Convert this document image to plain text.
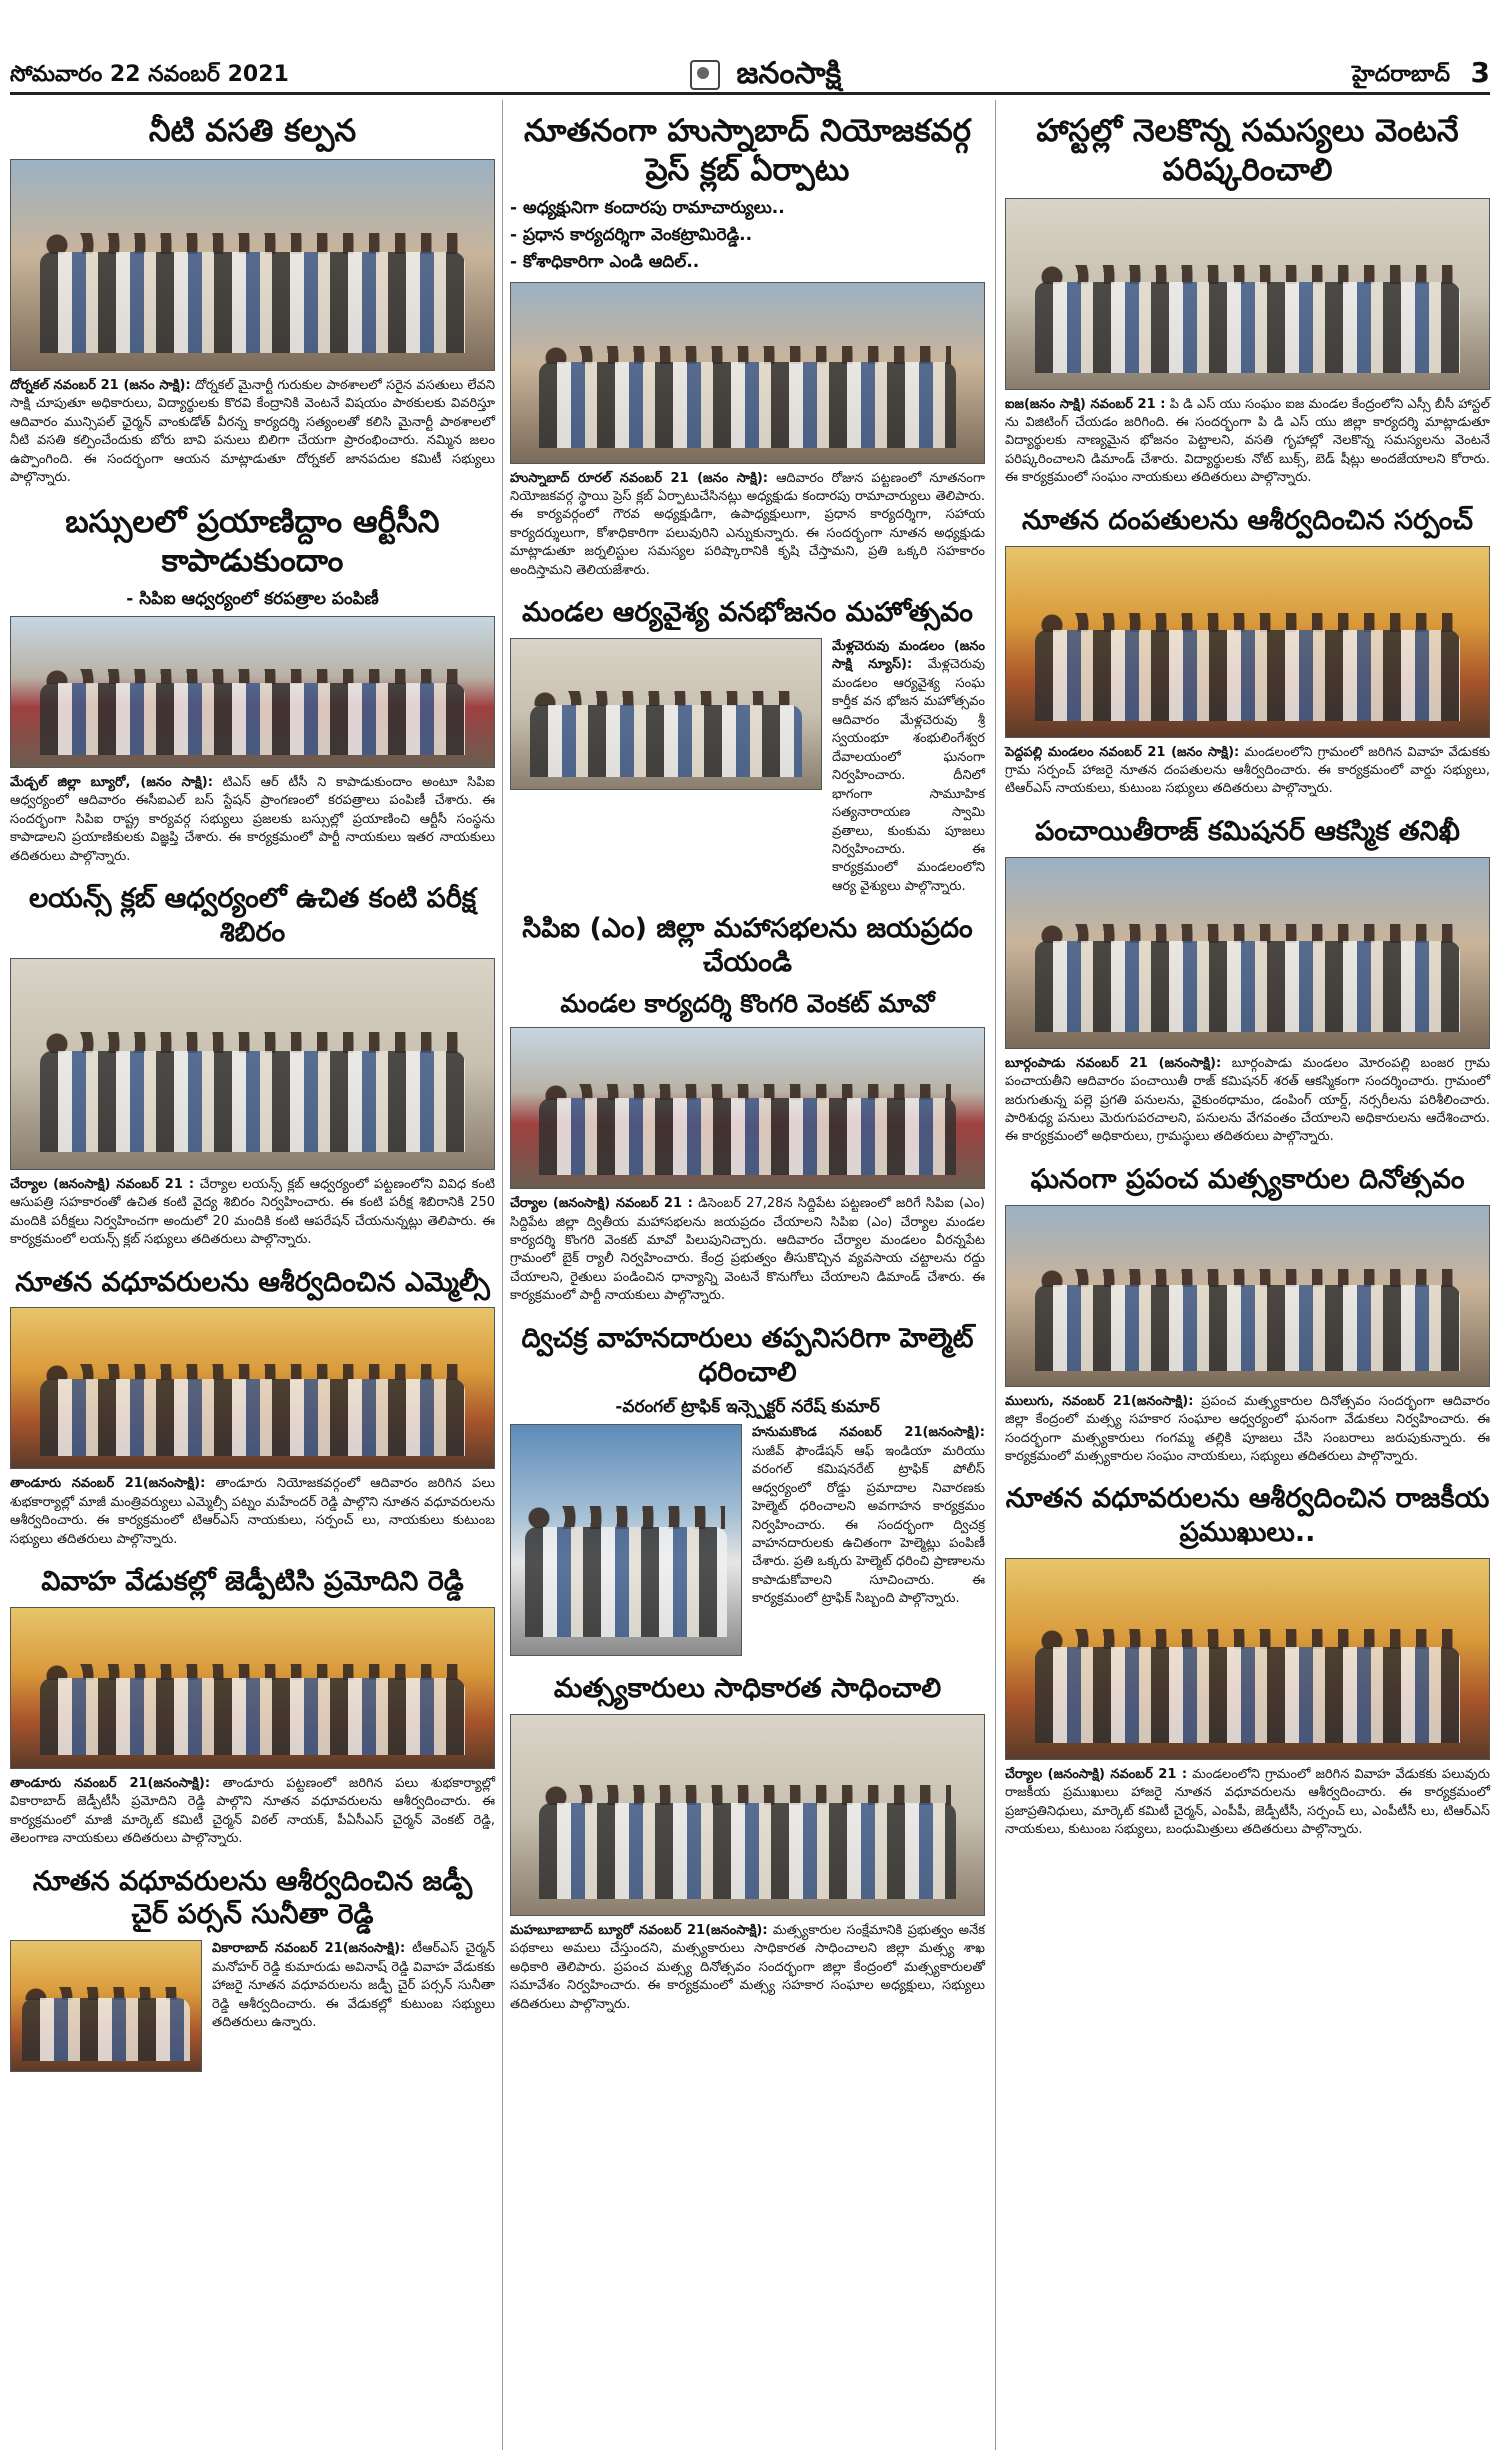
సోమవారం 22 నవంబర్ 2021	జనంసాక్షి	హైదరాబాద్ 3
నీటి వసతి కల్పన

దోర్నకల్ నవంబర్ 21 (జనం సాక్షి): దోర్నకల్ మైనార్టీ గురుకుల పాఠశాలలో సరైన వసతులు లేవని సాక్షి చూపుతూ అధికారులు, విద్యార్థులకు కొరవి కేంద్రానికి వెంటనే విషయం పాఠకులకు వివరిస్తూ ఆదివారం మున్సిపల్ ఛైర్మన్ వాంకుడోత్ వీరన్న కార్యదర్శి సత్యంలతో కలిసి మైనార్టీ పాఠశాలలో నీటి వసతి కల్పించేందుకు బోరు బావి పనులు బిలిగా చేయగా ప్రారంభించారు. నమ్మిన జలం ఉప్పొంగింది. ఈ సందర్భంగా ఆయన మాట్లాడుతూ దోర్నకల్ జానపదుల కమిటీ సభ్యులు పాల్గొన్నారు.

బస్సులలో ప్రయాణిద్దాం ఆర్టీసీని కాపాడుకుందాం
- సిపిఐ ఆధ్వర్యంలో కరపత్రాల పంపిణీ

మేడ్చల్ జిల్లా బ్యూరో, (జనం సాక్షి): టిఎస్ ఆర్ టీసీ ని కాపాడుకుందాం అంటూ సిపిఐ ఆధ్వర్యంలో ఆదివారం ఈసీఐఎల్ బస్ స్టేషన్ ప్రాంగణంలో కరపత్రాలు పంపిణీ చేశారు. ఈ సందర్భంగా సిపిఐ రాష్ట్ర కార్యవర్గ సభ్యులు ప్రజలకు బస్సుల్లో ప్రయాణించి ఆర్టీసీ సంస్థను కాపాడాలని ప్రయాణికులకు విజ్ఞప్తి చేశారు. ఈ కార్యక్రమంలో పార్టీ నాయకులు ఇతర నాయకులు తదితరులు పాల్గొన్నారు.

లయన్స్ క్లబ్ ఆధ్వర్యంలో ఉచిత కంటి పరీక్ష శిబిరం

చేర్యాల (జనంసాక్షి) నవంబర్ 21 : చేర్యాల లయన్స్ క్లబ్ ఆధ్వర్యంలో పట్టణంలోని వివిధ కంటి ఆసుపత్రి సహకారంతో ఉచిత కంటి వైద్య శిబిరం నిర్వహించారు. ఈ కంటి పరీక్ష శిబిరానికి 250 మందికి పరీక్షలు నిర్వహించగా అందులో 20 మందికి కంటి ఆపరేషన్ చేయనున్నట్లు తెలిపారు. ఈ కార్యక్రమంలో లయన్స్ క్లబ్ సభ్యులు తదితరులు పాల్గొన్నారు.

నూతన వధూవరులను ఆశీర్వదించిన ఎమ్మెల్సీ

తాండూరు నవంబర్ 21(జనంసాక్షి): తాండూరు నియోజకవర్గంలో ఆదివారం జరిగిన పలు శుభకార్యాల్లో మాజీ మంత్రివర్యులు ఎమ్మెల్సీ పట్నం మహేందర్ రెడ్డి పాల్గొని నూతన వధూవరులను ఆశీర్వదించారు. ఈ కార్యక్రమంలో టిఆర్ఎస్ నాయకులు, సర్పంచ్ లు, నాయకులు కుటుంబ సభ్యులు తదితరులు పాల్గొన్నారు.

వివాహ వేడుకల్లో జెడ్పీటిసి ప్రమోదిని రెడ్డి

తాండూరు నవంబర్ 21(జనంసాక్షి): తాండూరు పట్టణంలో జరిగిన పలు శుభకార్యాల్లో వికారాబాద్ జెడ్పీటీసీ ప్రమోదిని రెడ్డి పాల్గొని నూతన వధూవరులను ఆశీర్వదించారు. ఈ కార్యక్రమంలో మాజీ మార్కెట్ కమిటీ చైర్మన్ విఠల్ నాయక్, పీఏసీఎస్ చైర్మన్ వెంకట్ రెడ్డి, తెలంగాణ నాయకులు తదితరులు పాల్గొన్నారు.

నూతన వధూవరులను ఆశీర్వదించిన జడ్పీ చైర్ పర్సన్ సునీతా రెడ్డి

వికారాబాద్ నవంబర్ 21(జనంసాక్షి): టీఆర్ఎస్ చైర్మన్ మనోహర్ రెడ్డి కుమారుడు అవినాష్ రెడ్డి వివాహ వేడుకకు హాజరై నూతన వధూవరులను జడ్పీ చైర్ పర్సన్ సునీతా రెడ్డి ఆశీర్వదించారు. ఈ వేడుకల్లో కుటుంబ సభ్యులు తదితరులు ఉన్నారు.

నూతనంగా హుస్నాబాద్ నియోజకవర్గ ప్రెస్ క్లబ్ ఏర్పాటు
- అధ్యక్షునిగా కందారపు రామాచార్యులు..
- ప్రధాన కార్యదర్శిగా వెంకట్రామిరెడ్డి..
- కోశాధికారిగా ఎండి ఆదిల్..

హుస్నాబాద్ రూరల్ నవంబర్ 21 (జనం సాక్షి): ఆదివారం రోజున పట్టణంలో నూతనంగా నియోజకవర్గ స్థాయి ప్రెస్ క్లబ్ ఏర్పాటుచేసినట్లు అధ్యక్షుడు కందారపు రామాచార్యులు తెలిపారు. ఈ కార్యవర్గంలో గౌరవ అధ్యక్షుడిగా, ఉపాధ్యక్షులుగా, ప్రధాన కార్యదర్శిగా, సహాయ కార్యదర్శులుగా, కోశాధికారిగా పలువురిని ఎన్నుకున్నారు. ఈ సందర్భంగా నూతన అధ్యక్షుడు మాట్లాడుతూ జర్నలిస్టుల సమస్యల పరిష్కారానికి కృషి చేస్తామని, ప్రతి ఒక్కరి సహకారం అందిస్తామని తెలియజేశారు.

మండల ఆర్యవైశ్య వనభోజనం మహోత్సవం

మేళ్లచెరువు మండలం (జనం సాక్షి న్యూస్): మేళ్లచెరువు మండలం ఆర్యవైశ్య సంఘ కార్తీక వన భోజన మహోత్సవం ఆదివారం మేళ్లచెరువు శ్రీ స్వయంభూ శంభులింగేశ్వర దేవాలయంలో ఘనంగా నిర్వహించారు. దీనిలో భాగంగా సామూహిక సత్యనారాయణ స్వామి వ్రతాలు, కుంకుమ పూజలు నిర్వహించారు. ఈ కార్యక్రమంలో మండలంలోని ఆర్య వైశ్యులు పాల్గొన్నారు.

సిపిఐ (ఎం) జిల్లా మహాసభలను జయప్రదం చేయండి
మండల కార్యదర్శి కొంగరి వెంకట్ మావో

చేర్యాల (జనంసాక్షి) నవంబర్ 21 : డిసెంబర్ 27,28న సిద్దిపేట పట్టణంలో జరిగే సిపిఐ (ఎం) సిద్దిపేట జిల్లా ద్వితీయ మహాసభలను జయప్రదం చేయాలని సిపిఐ (ఎం) చేర్యాల మండల కార్యదర్శి కొంగరి వెంకట్ మావో పిలుపునిచ్చారు. ఆదివారం చేర్యాల మండలం వీరన్నపేట గ్రామంలో బైక్ ర్యాలీ నిర్వహించారు. కేంద్ర ప్రభుత్వం తీసుకొచ్చిన వ్యవసాయ చట్టాలను రద్దు చేయాలని, రైతులు పండించిన ధాన్యాన్ని వెంటనే కొనుగోలు చేయాలని డిమాండ్ చేశారు. ఈ కార్యక్రమంలో పార్టీ నాయకులు పాల్గొన్నారు.

ద్విచక్ర వాహనదారులు తప్పనిసరిగా హెల్మెట్ ధరించాలి
-వరంగల్ ట్రాఫిక్ ఇన్స్పెక్టర్ నరేష్ కుమార్

హనుమకొండ నవంబర్ 21(జనంసాక్షి): సుజీవ్ ఫౌండేషన్ ఆఫ్ ఇండియా మరియు వరంగల్ కమిషనరేట్ ట్రాఫిక్ పోలీస్ ఆధ్వర్యంలో రోడ్డు ప్రమాదాల నివారణకు హెల్మెట్ ధరించాలని అవగాహన కార్యక్రమం నిర్వహించారు. ఈ సందర్భంగా ద్విచక్ర వాహనదారులకు ఉచితంగా హెల్మెట్లు పంపిణీ చేశారు. ప్రతి ఒక్కరు హెల్మెట్ ధరించి ప్రాణాలను కాపాడుకోవాలని సూచించారు. ఈ కార్యక్రమంలో ట్రాఫిక్ సిబ్బంది పాల్గొన్నారు.

మత్స్యకారులు సాధికారత సాధించాలి

మహబూబాబాద్ బ్యూరో నవంబర్ 21(జనంసాక్షి): మత్స్యకారుల సంక్షేమానికి ప్రభుత్వం అనేక పథకాలు అమలు చేస్తుందని, మత్స్యకారులు సాధికారత సాధించాలని జిల్లా మత్స్య శాఖ అధికారి తెలిపారు. ప్రపంచ మత్స్య దినోత్సవం సందర్భంగా జిల్లా కేంద్రంలో మత్స్యకారులతో సమావేశం నిర్వహించారు. ఈ కార్యక్రమంలో మత్స్య సహకార సంఘాల అధ్యక్షులు, సభ్యులు తదితరులు పాల్గొన్నారు.

హాస్టల్లో నెలకొన్న సమస్యలు వెంటనే పరిష్కరించాలి

ఐజ(జనం సాక్షి) నవంబర్ 21 : పి డి ఎస్ యు సంఘం ఐజ మండల కేంద్రంలోని ఎస్సీ బీసీ హాస్టల్ ను విజిటింగ్ చేయడం జరిగింది. ఈ సందర్భంగా పి డి ఎస్ యు జిల్లా కార్యదర్శి మాట్లాడుతూ విద్యార్థులకు నాణ్యమైన భోజనం పెట్టాలని, వసతి గృహాల్లో నెలకొన్న సమస్యలను వెంటనే పరిష్కరించాలని డిమాండ్ చేశారు. విద్యార్థులకు నోట్ బుక్స్, బెడ్ షీట్లు అందజేయాలని కోరారు. ఈ కార్యక్రమంలో సంఘం నాయకులు తదితరులు పాల్గొన్నారు.

నూతన దంపతులను ఆశీర్వదించిన సర్పంచ్

పెద్దపల్లి మండలం నవంబర్ 21 (జనం సాక్షి): మండలంలోని గ్రామంలో జరిగిన వివాహ వేడుకకు గ్రామ సర్పంచ్ హాజరై నూతన దంపతులను ఆశీర్వదించారు. ఈ కార్యక్రమంలో వార్డు సభ్యులు, టిఆర్ఎస్ నాయకులు, కుటుంబ సభ్యులు తదితరులు పాల్గొన్నారు.

పంచాయితీరాజ్ కమిషనర్ ఆకస్మిక తనిఖీ

బూర్గంపాడు నవంబర్ 21 (జనంసాక్షి): బూర్గంపాడు మండలం మోరంపల్లి బంజర గ్రామ పంచాయతీని ఆదివారం పంచాయితీ రాజ్ కమిషనర్ శరత్ ఆకస్మికంగా సందర్శించారు. గ్రామంలో జరుగుతున్న పల్లె ప్రగతి పనులను, వైకుంఠధామం, డంపింగ్ యార్డ్, నర్సరీలను పరిశీలించారు. పారిశుధ్య పనులు మెరుగుపరచాలని, పనులను వేగవంతం చేయాలని అధికారులను ఆదేశించారు. ఈ కార్యక్రమంలో అధికారులు, గ్రామస్థులు తదితరులు పాల్గొన్నారు.

ఘనంగా ప్రపంచ మత్స్యకారుల దినోత్సవం

ములుగు, నవంబర్ 21(జనంసాక్షి): ప్రపంచ మత్స్యకారుల దినోత్సవం సందర్భంగా ఆదివారం జిల్లా కేంద్రంలో మత్స్య సహకార సంఘాల ఆధ్వర్యంలో ఘనంగా వేడుకలు నిర్వహించారు. ఈ సందర్భంగా మత్స్యకారులు గంగమ్మ తల్లికి పూజలు చేసి సంబరాలు జరుపుకున్నారు. ఈ కార్యక్రమంలో మత్స్యకారుల సంఘం నాయకులు, సభ్యులు తదితరులు పాల్గొన్నారు.

నూతన వధూవరులను ఆశీర్వదించిన రాజకీయ ప్రముఖులు..

చేర్యాల (జనంసాక్షి) నవంబర్ 21 : మండలంలోని గ్రామంలో జరిగిన వివాహ వేడుకకు పలువురు రాజకీయ ప్రముఖులు హాజరై నూతన వధూవరులను ఆశీర్వదించారు. ఈ కార్యక్రమంలో ప్రజాప్రతినిధులు, మార్కెట్ కమిటీ చైర్మన్, ఎంపీపీ, జెడ్పీటీసీ, సర్పంచ్ లు, ఎంపీటీసీ లు, టిఆర్ఎస్ నాయకులు, కుటుంబ సభ్యులు, బంధుమిత్రులు తదితరులు పాల్గొన్నారు.
